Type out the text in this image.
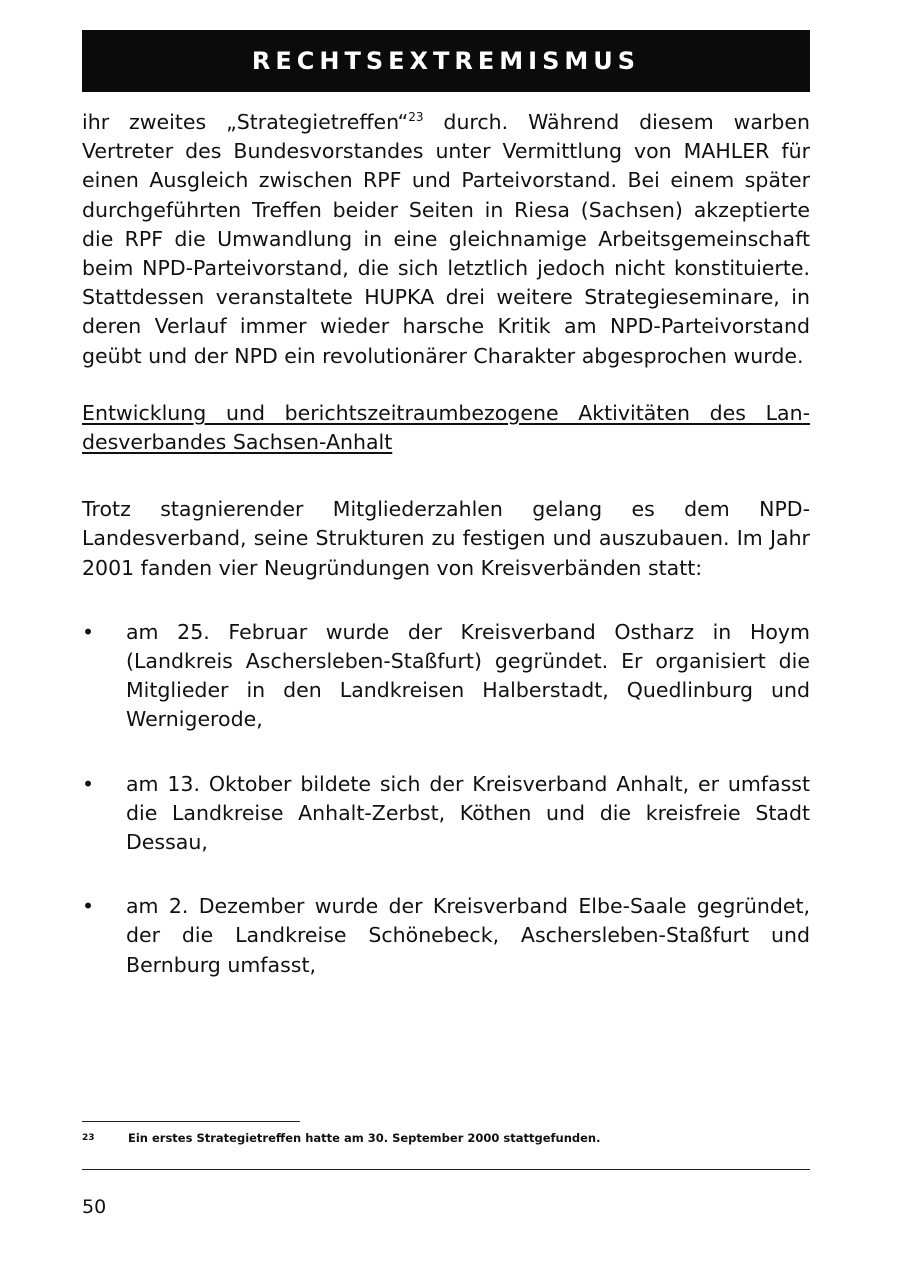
RECHTSEXTREMISMUS

ihr zweites „Strategietreffen“$^{23}$ durch. Während diesem warben Vertreter des Bundesvorstandes unter Vermittlung von MAHLER für einen Ausgleich zwischen RPF und Parteivorstand. Bei einem später durchgeführten Treffen beider Seiten in Riesa (Sachsen) akzeptierte die RPF die Umwandlung in eine gleichnamige Arbeitsgemeinschaft beim NPD-Parteivorstand, die sich letztlich jedoch nicht konstituierte. Stattdessen veranstaltete HUPKA drei weitere Strategieseminare, in deren Verlauf immer wieder harsche Kritik am NPD-Parteivorstand geübt und der NPD ein revolutionärer Charakter abgesprochen wurde.

Entwicklung und berichtszeitraumbezogene Aktivitäten des Landesverbandes Sachsen-Anhalt

Trotz stagnierender Mitgliederzahlen gelang es dem NPD-Landesverband, seine Strukturen zu festigen und auszubauen. Im Jahr 2001 fanden vier Neugründungen von Kreisverbänden statt:

•	am 25. Februar wurde der Kreisverband Ostharz in Hoym (Landkreis Aschersleben-Staßfurt) gegründet. Er organisiert die Mitglieder in den Landkreisen Halberstadt, Quedlinburg und Wernigerode,
•	am 13. Oktober bildete sich der Kreisverband Anhalt, er umfasst die Landkreise Anhalt-Zerbst, Köthen und die kreisfreie Stadt Dessau,
•	am 2. Dezember wurde der Kreisverband Elbe-Saale gegründet, der die Landkreise Schönebeck, Aschersleben-Staßfurt und Bernburg umfasst,
23	Ein erstes Strategietreffen hatte am 30. September 2000 stattgefunden.
50
